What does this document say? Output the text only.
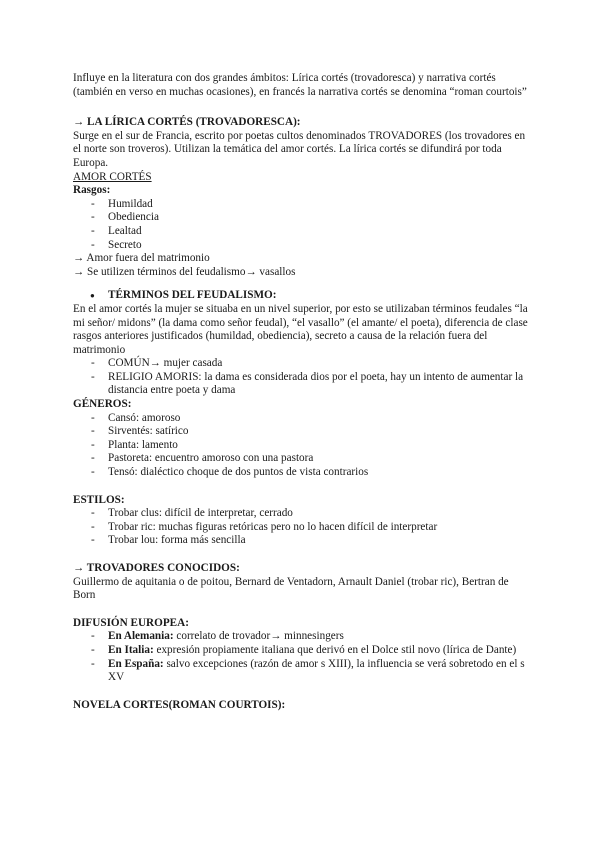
Influye en la literatura con dos grandes ámbitos: Lírica cortés (trovadoresca) y narrativa cortés (también en verso en muchas ocasiones), en francés la narrativa cortés se denomina “roman courtois”

→ LA LÍRICA CORTÉS (TROVADORESCA):

Surge en el sur de Francia, escrito por poetas cultos denominados TROVADORES (los trovadores en el norte son troveros). Utilizan la temática del amor cortés. La lírica cortés se difundirá por toda Europa.

AMOR CORTÉS

Rasgos:

- Humildad
- Obediencia
- Lealtad
- Secreto

→ Amor fuera del matrimonio

→ Se utilizen términos del feudalismo→ vasallos

● TÉRMINOS DEL FEUDALISMO:

En el amor cortés la mujer se situaba en un nivel superior, por esto se utilizaban términos feudales “la mi señor/ midons” (la dama como señor feudal), “el vasallo” (el amante/ el poeta), diferencia de clase rasgos anteriores justificados (humildad, obediencia), secreto a causa de la relación fuera del matrimonio

- COMÚN→ mujer casada
- RELIGIO AMORIS: la dama es considerada dios por el poeta, hay un intento de aumentar la distancia entre poeta y dama

GÉNEROS:

- Cansó: amoroso
- Sirventés: satírico
- Planta: lamento
- Pastoreta: encuentro amoroso con una pastora
- Tensó: dialéctico choque de dos puntos de vista contrarios

ESTILOS:

- Trobar clus: difícil de interpretar, cerrado
- Trobar ric: muchas figuras retóricas pero no lo hacen difícil de interpretar
- Trobar lou: forma más sencilla

→ TROVADORES CONOCIDOS:

Guillermo de aquitania o de poitou, Bernard de Ventadorn, Arnault Daniel (trobar ric), Bertran de Born

DIFUSIÓN EUROPEA:

- En Alemania: correlato de trovador→ minnesingers
- En Italia: expresión propiamente italiana que derivó en el Dolce stil novo (lírica de Dante)
- En España: salvo excepciones (razón de amor s XIII), la influencia se verá sobretodo en el s XV

NOVELA CORTES(ROMAN COURTOIS):
